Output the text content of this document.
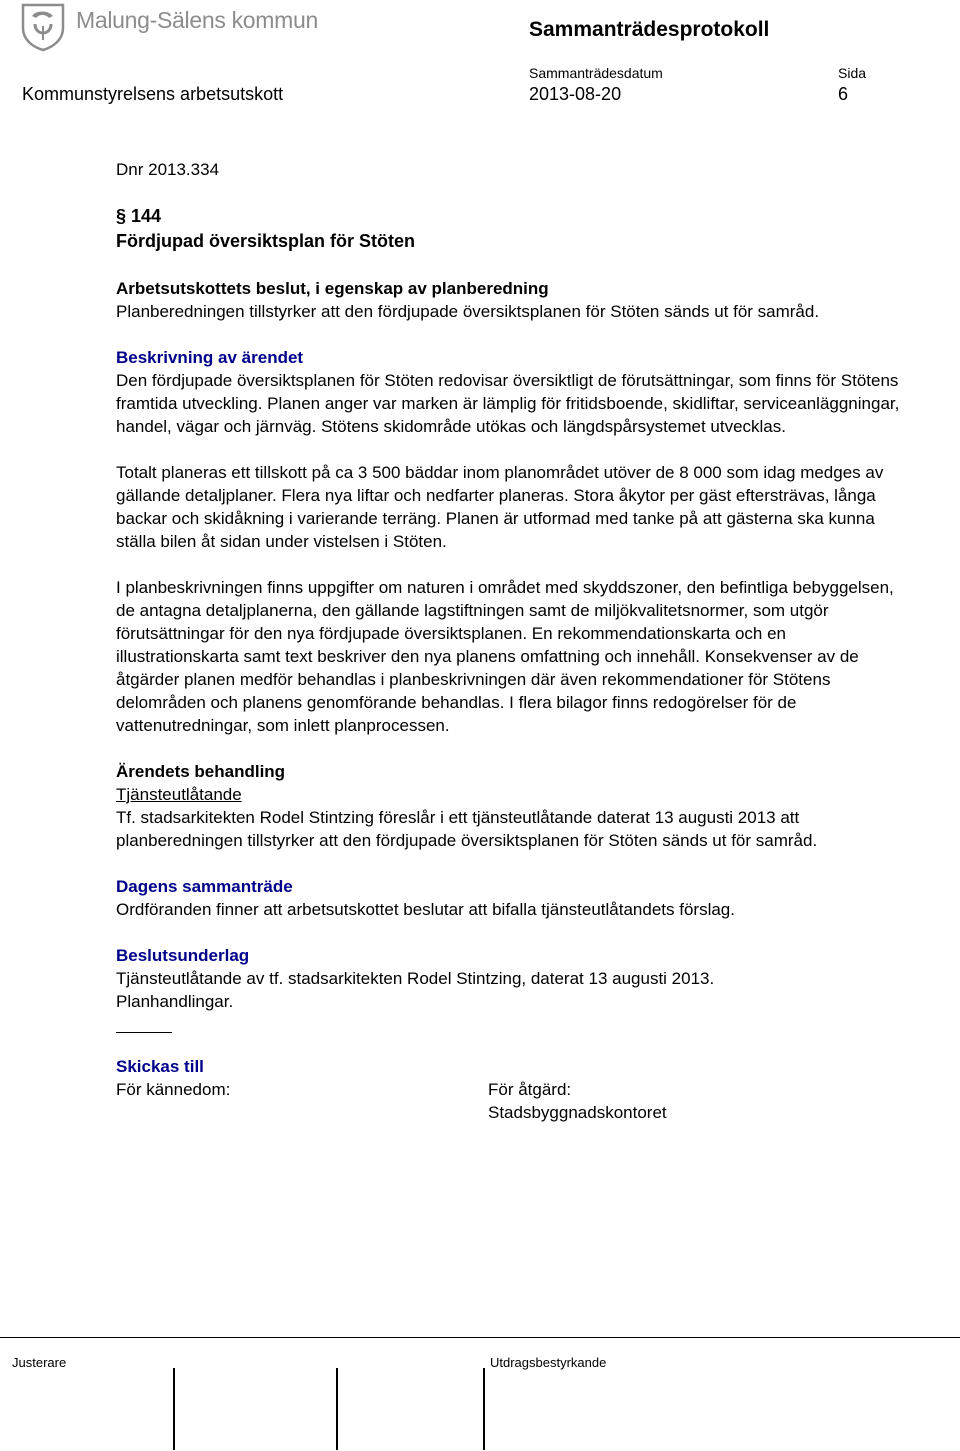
Malung-Sälens kommun	Sammanträdesprotokoll
Sammanträdesdatum	Sida
Kommunstyrelsens arbetsutskott	2013-08-20	6

Dnr 2013.334

§ 144

Fördjupad översiktsplan för Stöten

Arbetsutskottets beslut, i egenskap av planberedning

Planberedningen tillstyrker att den fördjupade översiktsplanen för Stöten sänds ut för samråd.

Beskrivning av ärendet

Den fördjupade översiktsplanen för Stöten redovisar översiktligt de förutsättningar, som finns för Stötens framtida utveckling. Planen anger var marken är lämplig för fritidsboende, skidliftar, serviceanläggningar, handel, vägar och järnväg. Stötens skidområde utökas och längdspårsystemet utvecklas.

Totalt planeras ett tillskott på ca 3 500 bäddar inom planområdet utöver de 8 000 som idag medges av gällande detaljplaner. Flera nya liftar och nedfarter planeras. Stora åkytor per gäst eftersträvas, långa backar och skidåkning i varierande terräng. Planen är utformad med tanke på att gästerna ska kunna ställa bilen åt sidan under vistelsen i Stöten.

I planbeskrivningen finns uppgifter om naturen i området med skyddszoner, den befintliga bebyggelsen, de antagna detaljplanerna, den gällande lagstiftningen samt de miljökvalitetsnormer, som utgör förutsättningar för den nya fördjupade översiktsplanen. En rekommendationskarta och en illustrationskarta samt text beskriver den nya planens omfattning och innehåll. Konsekvenser av de åtgärder planen medför behandlas i planbeskrivningen där även rekommendationer för Stötens delområden och planens genomförande behandlas. I flera bilagor finns redogörelser för de vattenutredningar, som inlett planprocessen.

Ärendets behandling

Tjänsteutlåtande

Tf. stadsarkitekten Rodel Stintzing föreslår i ett tjänsteutlåtande daterat 13 augusti 2013 att planberedningen tillstyrker att den fördjupade översiktsplanen för Stöten sänds ut för samråd.

Dagens sammanträde

Ordföranden finner att arbetsutskottet beslutar att bifalla tjänsteutlåtandets förslag.

Beslutsunderlag

Tjänsteutlåtande av tf. stadsarkitekten Rodel Stintzing, daterat 13 augusti 2013.

Planhandlingar.

Skickas till

För kännedom:	För åtgärd:

Stadsbyggnadskontoret

Justerare	Utdragsbestyrkande
